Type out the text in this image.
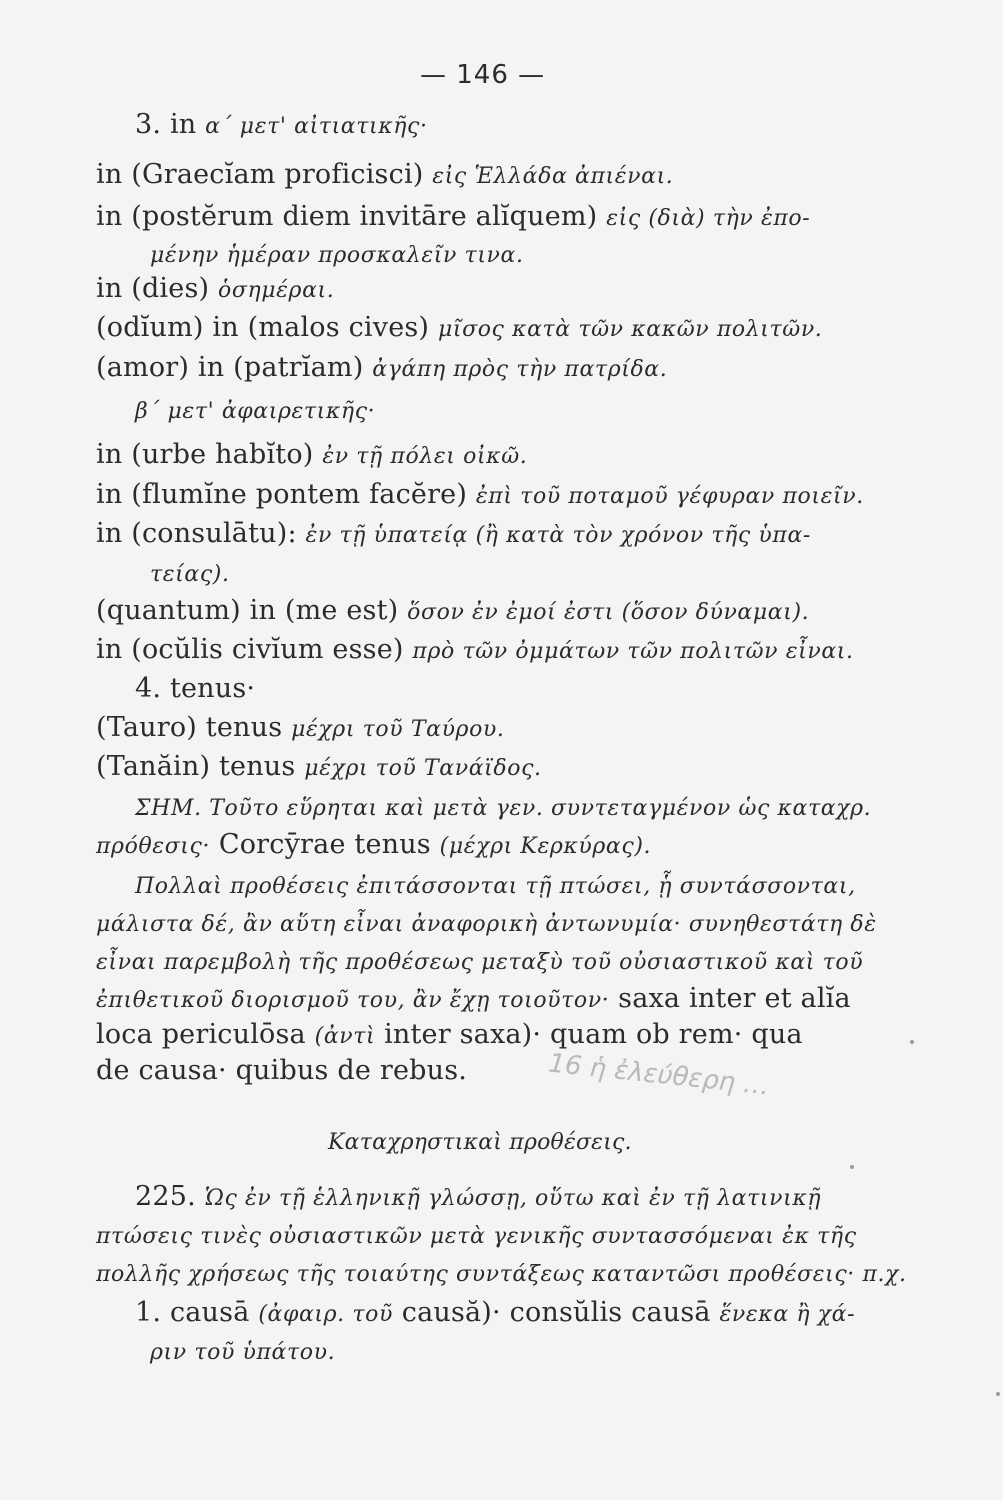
— 146 —
3. in α΄ μετ' αἰτιατικῆς·
in (Graecĭam proficisci) εἰς Ἑλλάδα ἀπιέναι.
in (postĕrum diem invitāre alĭquem) εἰς (διὰ) τὴν ἐπο-
μένην ἡμέραν προσκαλεῖν τινα.
in (dies) ὁσημέραι.
(odĭum) in (malos cives) μῖσος κατὰ τῶν κακῶν πολιτῶν.
(amor) in (patrĭam) ἀγάπη πρὸς τὴν πατρίδα.
β΄ μετ' ἀφαιρετικῆς·
in (urbe habĭto) ἐν τῇ πόλει οἰκῶ.
in (flumĭne pontem facĕre) ἐπὶ τοῦ ποταμοῦ γέφυραν ποιεῖν.
in (consulātu): ἐν τῇ ὑπατείᾳ (ἢ κατὰ τὸν χρόνον τῆς ὑπα-
τείας).
(quantum) in (me est) ὅσον ἐν ἐμοί ἐστι (ὅσον δύναμαι).
in (ocŭlis civĭum esse) πρὸ τῶν ὀμμάτων τῶν πολιτῶν εἶναι.
4. tenus·
(Tauro) tenus μέχρι τοῦ Ταύρου.
(Tanăin) tenus μέχρι τοῦ Τανάϊδος.
ΣΗΜ. Τοῦτο εὕρηται καὶ μετὰ γεν. συντεταγμένον ὡς καταχρ.
πρόθεσις· Corcȳrae tenus (μέχρι Κερκύρας).
Πολλαὶ προθέσεις ἐπιτάσσονται τῇ πτώσει, ᾗ συντάσσονται,
μάλιστα δέ, ἂν αὕτη εἶναι ἀναφορικὴ ἀντωνυμία· συνηθεστάτη δὲ
εἶναι παρεμβολὴ τῆς προθέσεως μεταξὺ τοῦ οὐσιαστικοῦ καὶ τοῦ
ἐπιθετικοῦ διορισμοῦ του, ἂν ἔχῃ τοιοῦτον· saxa inter et alĭa
loca periculōsa (ἀντὶ inter saxa)· quam ob rem· qua
de causa· quibus de rebus.	16 ἡ ἐλεύθερη …
Καταχρηστικαὶ προθέσεις.
225. Ὡς ἐν τῇ ἑλληνικῇ γλώσσῃ, οὕτω καὶ ἐν τῇ λατινικῇ
πτώσεις τινὲς οὐσιαστικῶν μετὰ γενικῆς συντασσόμεναι ἐκ τῆς
πολλῆς χρήσεως τῆς τοιαύτης συντάξεως καταντῶσι προθέσεις· π.χ.
1. causā (ἀφαιρ. τοῦ causă)· consŭlis causā ἕνεκα ἢ χά-
ριν τοῦ ὑπάτου.
